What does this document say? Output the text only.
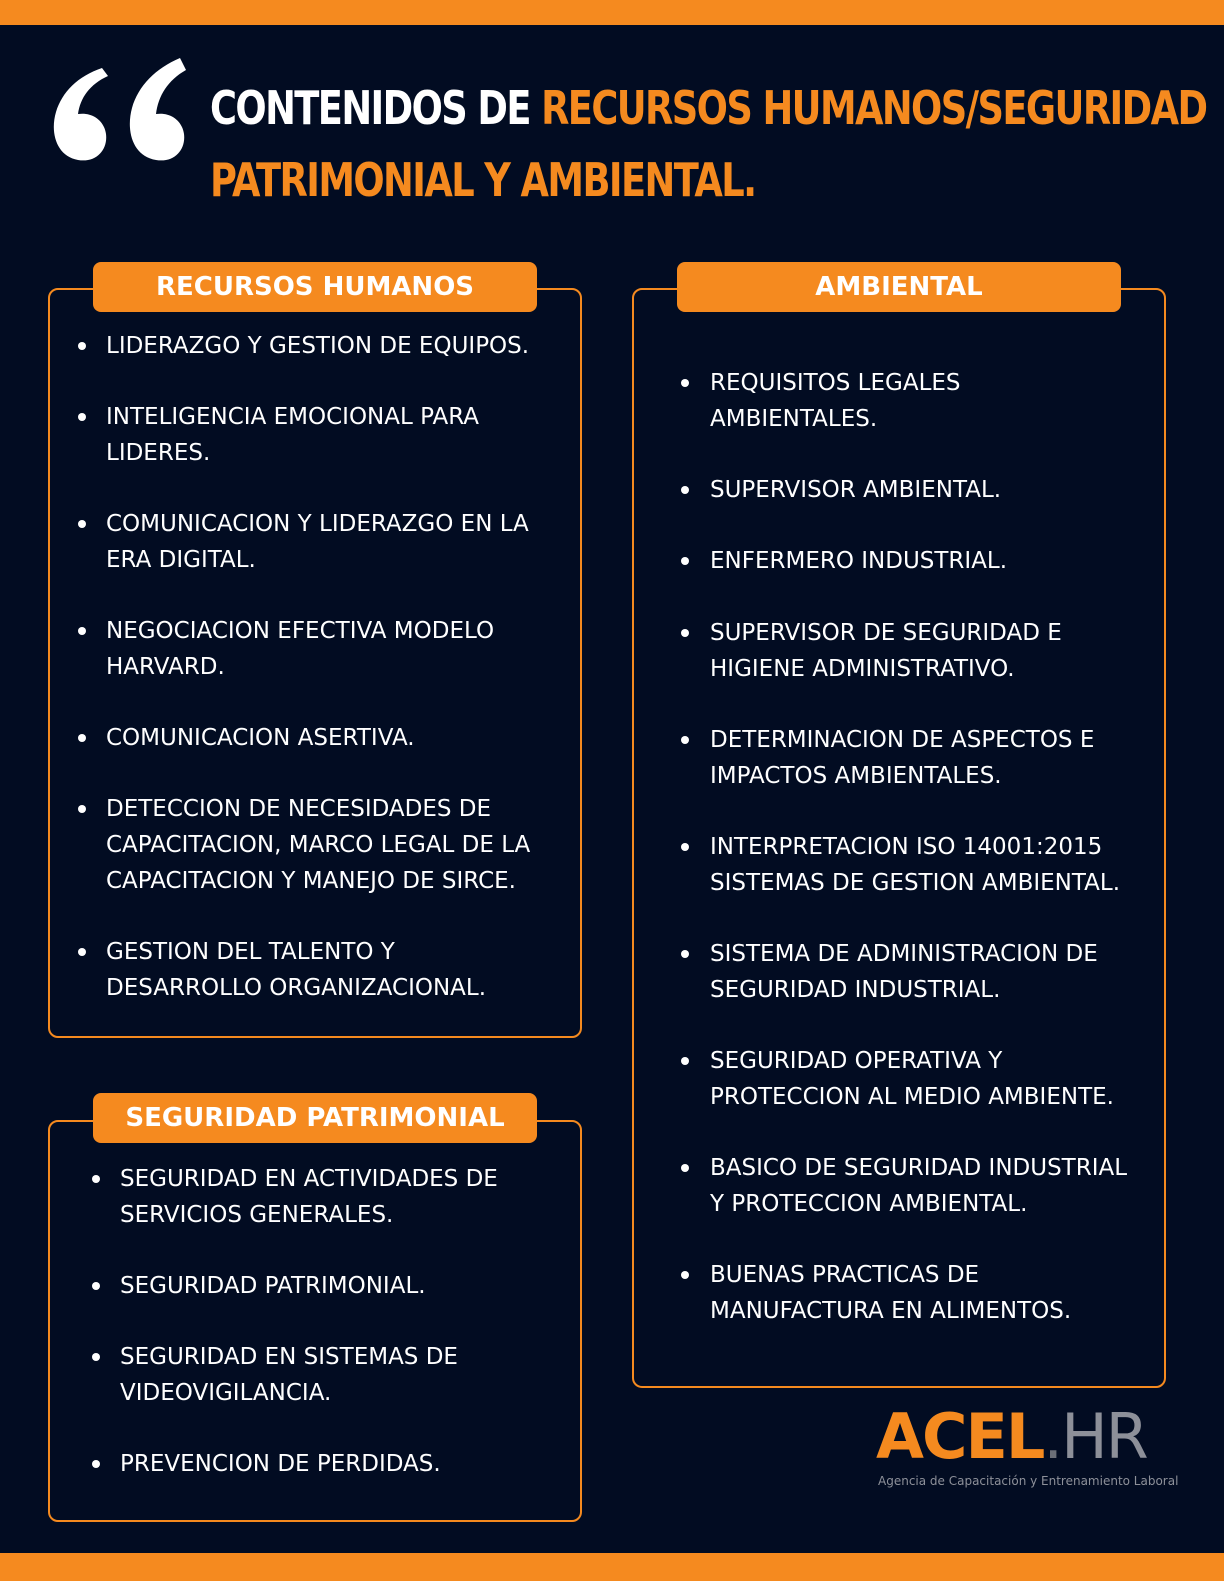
CONTENIDOS DE RECURSOS HUMANOS/SEGURIDAD
PATRIMONIAL Y AMBIENTAL.
RECURSOS HUMANOS
LIDERAZGO Y GESTION DE EQUIPOS.
INTELIGENCIA EMOCIONAL PARA
LIDERES.
COMUNICACION Y LIDERAZGO EN LA
ERA DIGITAL.
NEGOCIACION EFECTIVA MODELO
HARVARD.
COMUNICACION ASERTIVA.
DETECCION DE NECESIDADES DE
CAPACITACION, MARCO LEGAL DE LA
CAPACITACION Y MANEJO DE SIRCE.
GESTION DEL TALENTO Y
DESARROLLO ORGANIZACIONAL.
SEGURIDAD PATRIMONIAL
SEGURIDAD EN ACTIVIDADES DE
SERVICIOS GENERALES.
SEGURIDAD PATRIMONIAL.
SEGURIDAD EN SISTEMAS DE
VIDEOVIGILANCIA.
PREVENCION DE PERDIDAS.
AMBIENTAL
REQUISITOS LEGALES
AMBIENTALES.
SUPERVISOR AMBIENTAL.
ENFERMERO INDUSTRIAL.
SUPERVISOR DE SEGURIDAD E
HIGIENE ADMINISTRATIVO.
DETERMINACION DE ASPECTOS E
IMPACTOS AMBIENTALES.
INTERPRETACION ISO 14001:2015
SISTEMAS DE GESTION AMBIENTAL.
SISTEMA DE ADMINISTRACION DE
SEGURIDAD INDUSTRIAL.
SEGURIDAD OPERATIVA Y
PROTECCION AL MEDIO AMBIENTE.
BASICO DE SEGURIDAD INDUSTRIAL
Y PROTECCION AMBIENTAL.
BUENAS PRACTICAS DE
MANUFACTURA EN ALIMENTOS.
ACEL.HR
Agencia de Capacitación y Entrenamiento Laboral
